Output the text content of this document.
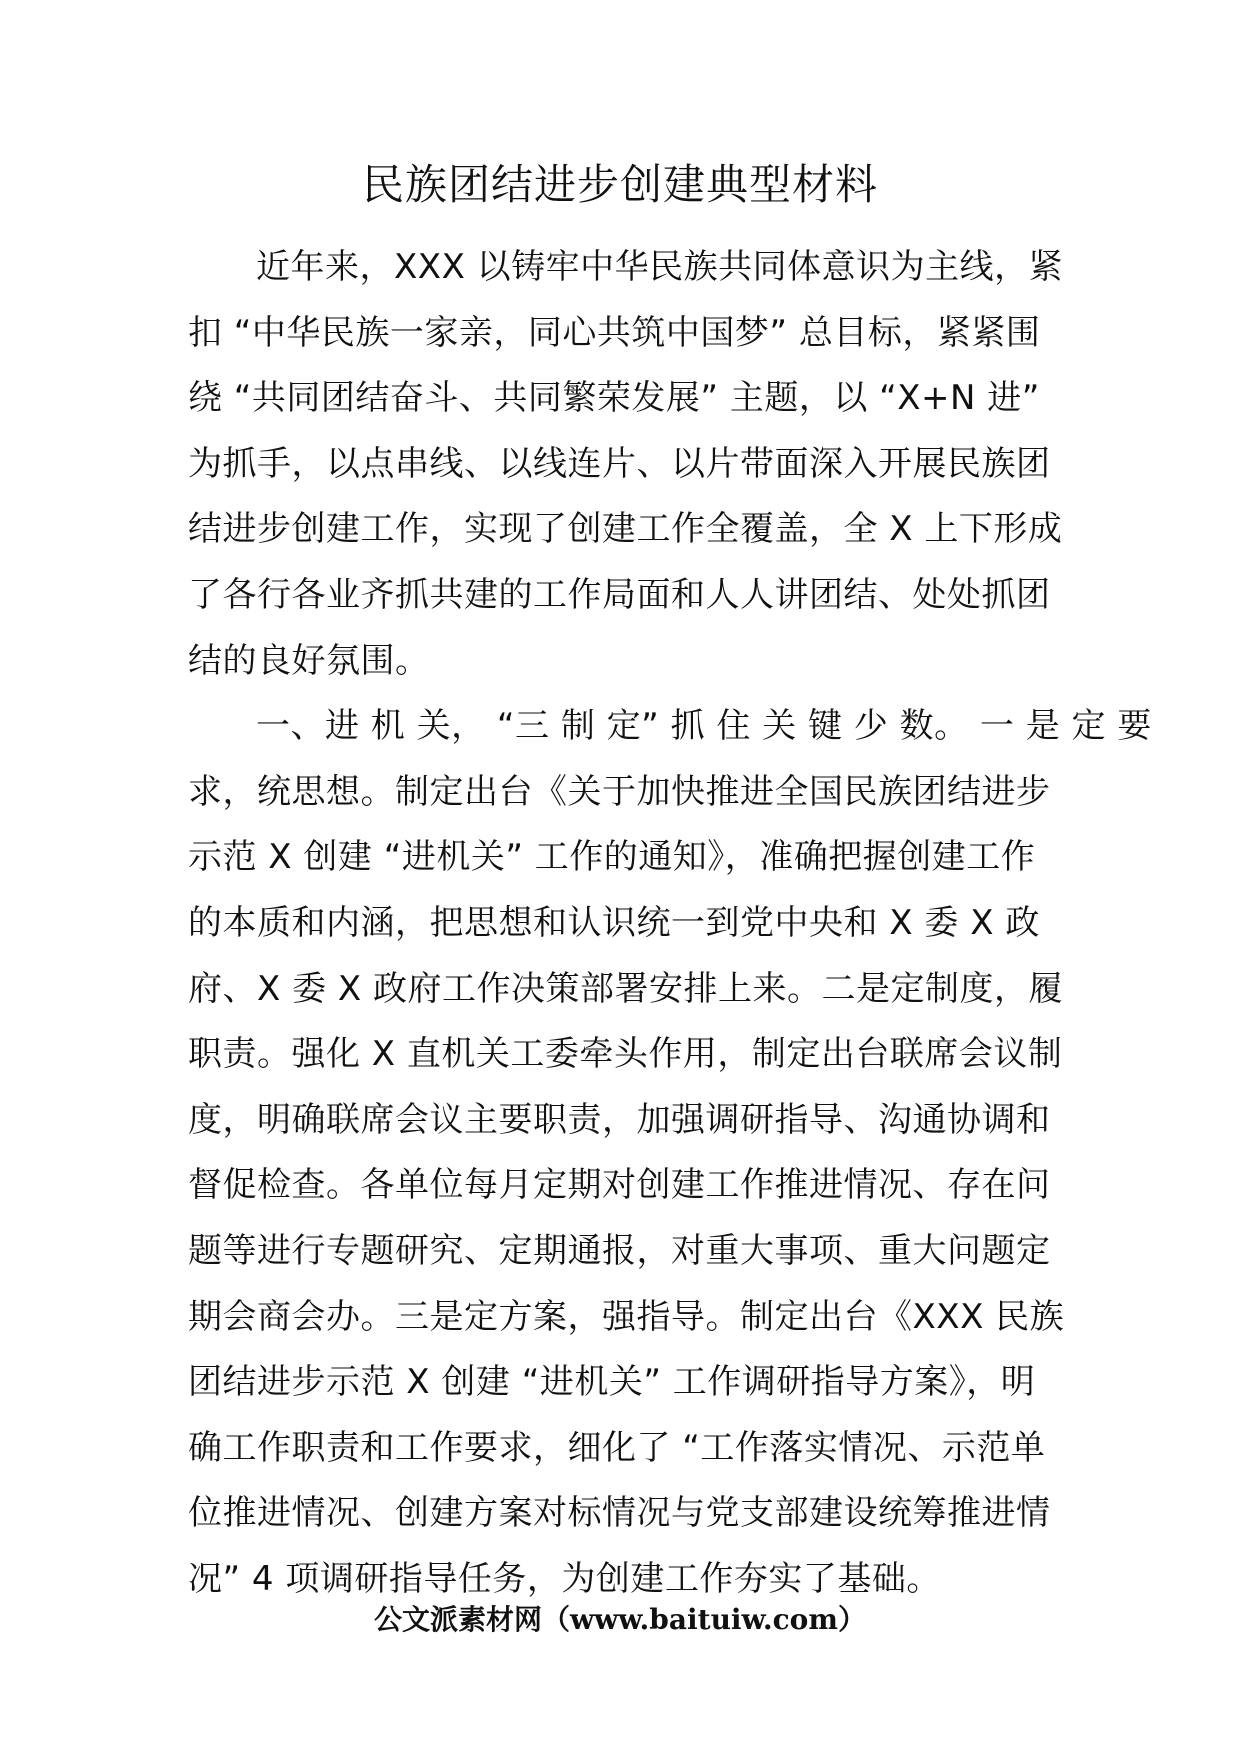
民族团结进步创建典型材料
近年来，XXX 以铸牢中华民族共同体意识为主线，紧
扣 “中华民族一家亲，同心共筑中国梦” 总目标，紧紧围
绕 “共同团结奋斗、共同繁荣发展” 主题，以 “X+N 进”
为抓手，以点串线、以线连片、以片带面深入开展民族团
结进步创建工作，实现了创建工作全覆盖，全 X 上下形成
了各行各业齐抓共建的工作局面和人人讲团结、处处抓团
结的良好氛围。
一、进 机 关， “三 制 定” 抓 住 关 键 少 数。 一 是 定 要
求，统思想。制定出台《关于加快推进全国民族团结进步
示范 X 创建 “进机关” 工作的通知》，准确把握创建工作
的本质和内涵，把思想和认识统一到党中央和 X 委 X 政
府、X 委 X 政府工作决策部署安排上来。二是定制度，履
职责。强化 X 直机关工委牵头作用，制定出台联席会议制
度，明确联席会议主要职责，加强调研指导、沟通协调和
督促检查。各单位每月定期对创建工作推进情况、存在问
题等进行专题研究、定期通报，对重大事项、重大问题定
期会商会办。三是定方案，强指导。制定出台《XXX 民族
团结进步示范 X 创建 “进机关” 工作调研指导方案》，明
确工作职责和工作要求，细化了 “工作落实情况、示范单
位推进情况、创建方案对标情况与党支部建设统筹推进情
况” 4 项调研指导任务，为创建工作夯实了基础。
公文派素材网（www.baituiw.com）
